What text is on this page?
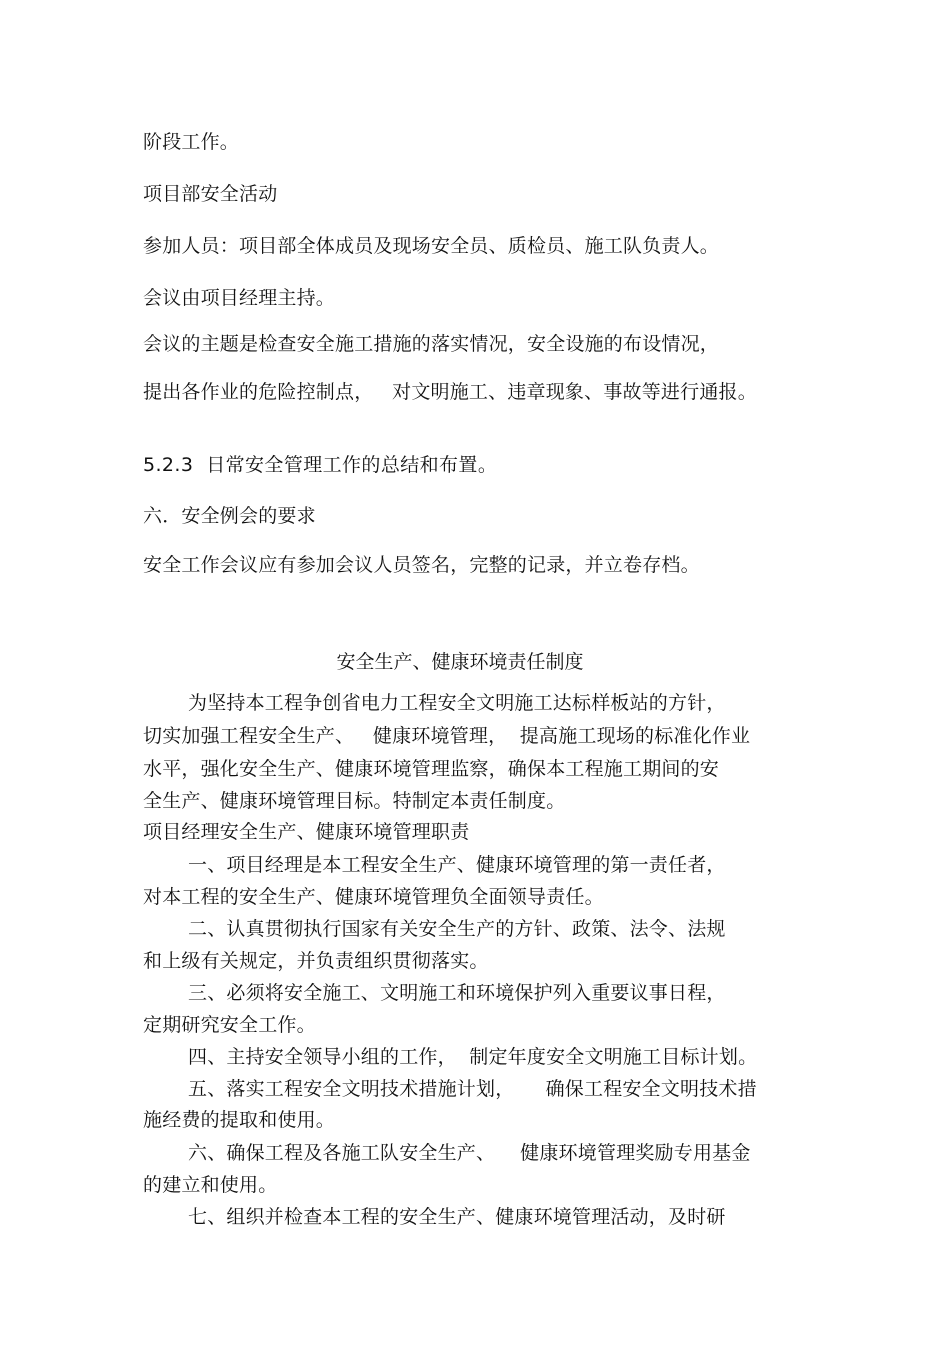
阶段工作。
项目部安全活动
参加人员：项目部全体成员及现场安全员、质检员、施工队负责人。
会议由项目经理主持。
会议的主题是检查安全施工措施的落实情况，安全设施的布设情况，
提出各作业的危险控制点，   对文明施工、违章现象、事故等进行通报。
5.2.3  日常安全管理工作的总结和布置。
六．安全例会的要求
安全工作会议应有参加会议人员签名，完整的记录，并立卷存档。
安全生产、健康环境责任制度
为坚持本工程争创省电力工程安全文明施工达标样板站的方针，
切实加强工程安全生产、   健康环境管理，  提高施工现场的标准化作业
水平，强化安全生产、健康环境管理监察，确保本工程施工期间的安
全生产、健康环境管理目标。特制定本责任制度。
项目经理安全生产、健康环境管理职责
一、项目经理是本工程安全生产、健康环境管理的第一责任者，
对本工程的安全生产、健康环境管理负全面领导责任。
二、认真贯彻执行国家有关安全生产的方针、政策、法令、法规
和上级有关规定，并负责组织贯彻落实。
三、必须将安全施工、文明施工和环境保护列入重要议事日程，
定期研究安全工作。
四、主持安全领导小组的工作，  制定年度安全文明施工目标计划。
五、落实工程安全文明技术措施计划，     确保工程安全文明技术措
施经费的提取和使用。
六、确保工程及各施工队安全生产、    健康环境管理奖励专用基金
的建立和使用。
七、组织并检查本工程的安全生产、健康环境管理活动，及时研
